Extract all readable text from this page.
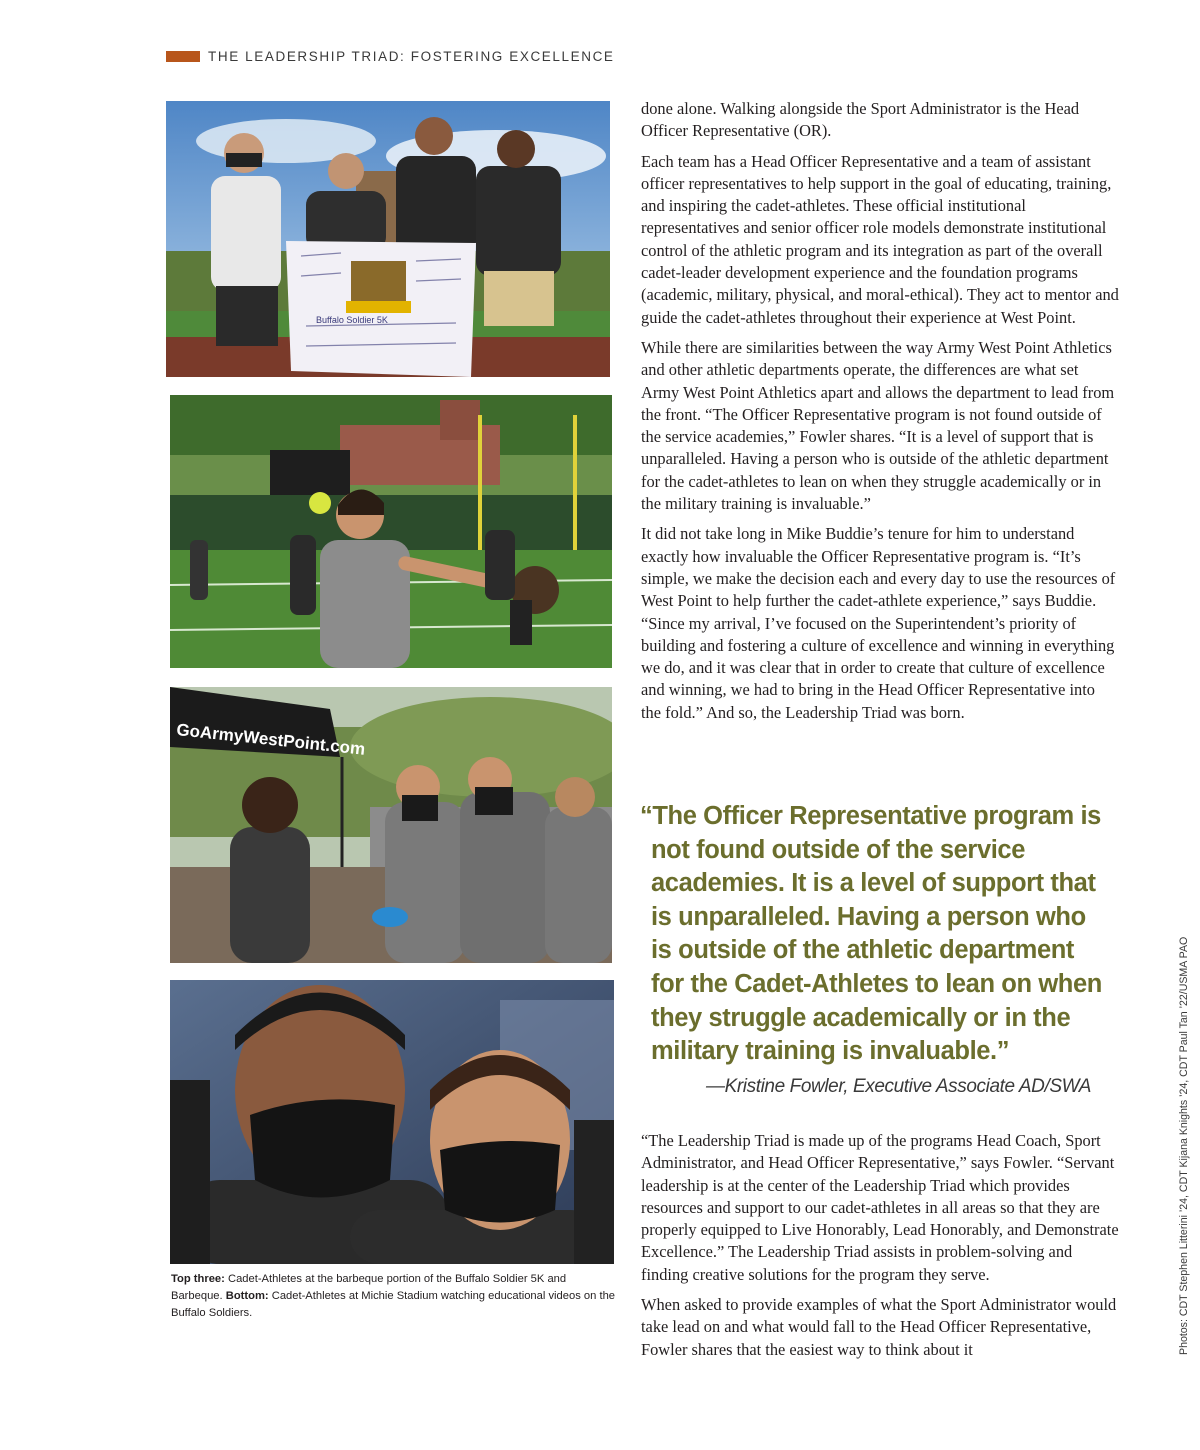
THE LEADERSHIP TRIAD: FOSTERING EXCELLENCE
Buffalo Soldier 5K
GoArmyWestPoint.com
Top three: Cadet-Athletes at the barbeque portion of the Buffalo Soldier 5K and Barbeque. Bottom: Cadet-Athletes at Michie Stadium watching educational videos on the Buffalo Soldiers.

done alone. Walking alongside the Sport Administrator is the Head Officer Representative (OR).

Each team has a Head Officer Representative and a team of assistant officer representatives to help support in the goal of educating, training, and inspiring the cadet-athletes. These official institutional representatives and senior officer role models demonstrate institutional control of the athletic program and its integration as part of the overall cadet-leader development experience and the foundation programs (academic, military, physical, and moral-ethical). They act to mentor and guide the cadet-athletes throughout their experience at West Point.

While there are similarities between the way Army West Point Athletics and other athletic departments operate, the differences are what set Army West Point Athletics apart and allows the department to lead from the front. “The Officer Representative program is not found outside of the service academies,” Fowler shares. “It is a level of support that is unparalleled. Having a person who is outside of the athletic department for the cadet-athletes to lean on when they struggle academically or in the military training is invaluable.”

It did not take long in Mike Buddie’s tenure for him to understand exactly how invaluable the Officer Representative program is. “It’s simple, we make the decision each and every day to use the resources of West Point to help further the cadet-athlete experience,” says Buddie. “Since my arrival, I’ve focused on the Superintendent’s priority of building and fostering a culture of excellence and winning in everything we do, and it was clear that in order to create that culture of excellence and winning, we had to bring in the Head Officer Representative into the fold.” And so, the Leadership Triad was born.

“The Officer Representative program is not found outside of the service academies. It is a level of support that is unparalleled. Having a person who is outside of the athletic department for the Cadet-Athletes to lean on when they struggle academically or in the military training is invaluable.”
—Kristine Fowler, Executive Associate AD/SWA

“The Leadership Triad is made up of the programs Head Coach, Sport Administrator, and Head Officer Representative,” says Fowler. “Servant leadership is at the center of the Leadership Triad which provides resources and support to our cadet-athletes in all areas so that they are properly equipped to Live Honorably, Lead Honorably, and Demonstrate Excellence.” The Leadership Triad assists in problem-solving and finding creative solutions for the program they serve.

When asked to provide examples of what the Sport Administrator would take lead on and what would fall to the Head Officer Representative, Fowler shares that the easiest way to think about it	Photos: CDT Stephen Litterini ’24, CDT Kijana Knights ’24, CDT Paul Tan ’22/USMA PAO
